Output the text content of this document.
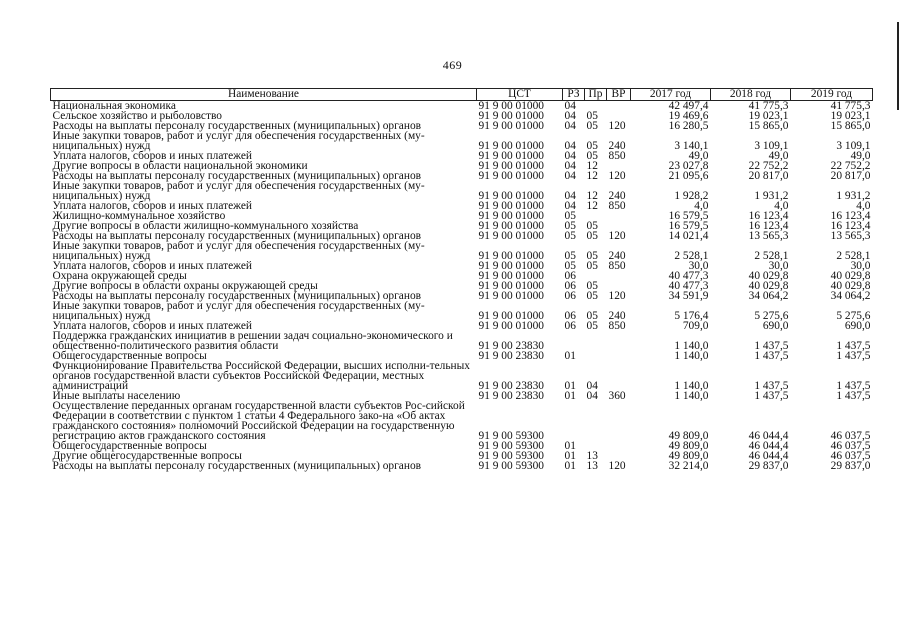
469
Наименование	ЦСТ	РЗ	Пр	ВР	2017 год	2018 год	2019 год
Национальная экономика	91 9 00 01000	04			42 497,4	41 775,3	41 775,3
Сельское хозяйство и рыболовство	91 9 00 01000	04	05		19 469,6	19 023,1	19 023,1
Расходы на выплаты персоналу государственных (муниципальных) органов	91 9 00 01000	04	05	120	16 280,5	15 865,0	15 865,0
Иные закупки товаров, работ и услуг для обеспечения государственных (му-ниципальных) нужд	91 9 00 01000	04	05	240	3 140,1	3 109,1	3 109,1
Уплата налогов, сборов и иных платежей	91 9 00 01000	04	05	850	49,0	49,0	49,0
Другие вопросы в области национальной экономики	91 9 00 01000	04	12		23 027,8	22 752,2	22 752,2
Расходы на выплаты персоналу государственных (муниципальных) органов	91 9 00 01000	04	12	120	21 095,6	20 817,0	20 817,0
Иные закупки товаров, работ и услуг для обеспечения государственных (му-ниципальных) нужд	91 9 00 01000	04	12	240	1 928,2	1 931,2	1 931,2
Уплата налогов, сборов и иных платежей	91 9 00 01000	04	12	850	4,0	4,0	4,0
Жилищно-коммунальное хозяйство	91 9 00 01000	05			16 579,5	16 123,4	16 123,4
Другие вопросы в области жилищно-коммунального хозяйства	91 9 00 01000	05	05		16 579,5	16 123,4	16 123,4
Расходы на выплаты персоналу государственных (муниципальных) органов	91 9 00 01000	05	05	120	14 021,4	13 565,3	13 565,3
Иные закупки товаров, работ и услуг для обеспечения государственных (му-ниципальных) нужд	91 9 00 01000	05	05	240	2 528,1	2 528,1	2 528,1
Уплата налогов, сборов и иных платежей	91 9 00 01000	05	05	850	30,0	30,0	30,0
Охрана окружающей среды	91 9 00 01000	06			40 477,3	40 029,8	40 029,8
Другие вопросы в области охраны окружающей среды	91 9 00 01000	06	05		40 477,3	40 029,8	40 029,8
Расходы на выплаты персоналу государственных (муниципальных) органов	91 9 00 01000	06	05	120	34 591,9	34 064,2	34 064,2
Иные закупки товаров, работ и услуг для обеспечения государственных (му-ниципальных) нужд	91 9 00 01000	06	05	240	5 176,4	5 275,6	5 275,6
Уплата налогов, сборов и иных платежей	91 9 00 01000	06	05	850	709,0	690,0	690,0
Поддержка гражданских инициатив в решении задач социально-экономического и общественно-политического развития области	91 9 00 23830				1 140,0	1 437,5	1 437,5
Общегосударственные вопросы	91 9 00 23830	01			1 140,0	1 437,5	1 437,5
Функционирование Правительства Российской Федерации, высших исполни-тельных органов государственной власти субъектов Российской Федерации, местных администраций	91 9 00 23830	01	04		1 140,0	1 437,5	1 437,5
Иные выплаты населению	91 9 00 23830	01	04	360	1 140,0	1 437,5	1 437,5
Осуществление переданных органам государственной власти субъектов Рос-сийской Федерации в соответствии с пунктом 1 статьи 4 Федерального зако-на «Об актах гражданского состояния» полномочий Российской Федерации на государственную регистрацию актов гражданского состояния	91 9 00 59300				49 809,0	46 044,4	46 037,5
Общегосударственные вопросы	91 9 00 59300	01			49 809,0	46 044,4	46 037,5
Другие общегосударственные вопросы	91 9 00 59300	01	13		49 809,0	46 044,4	46 037,5
Расходы на выплаты персоналу государственных (муниципальных) органов	91 9 00 59300	01	13	120	32 214,0	29 837,0	29 837,0
